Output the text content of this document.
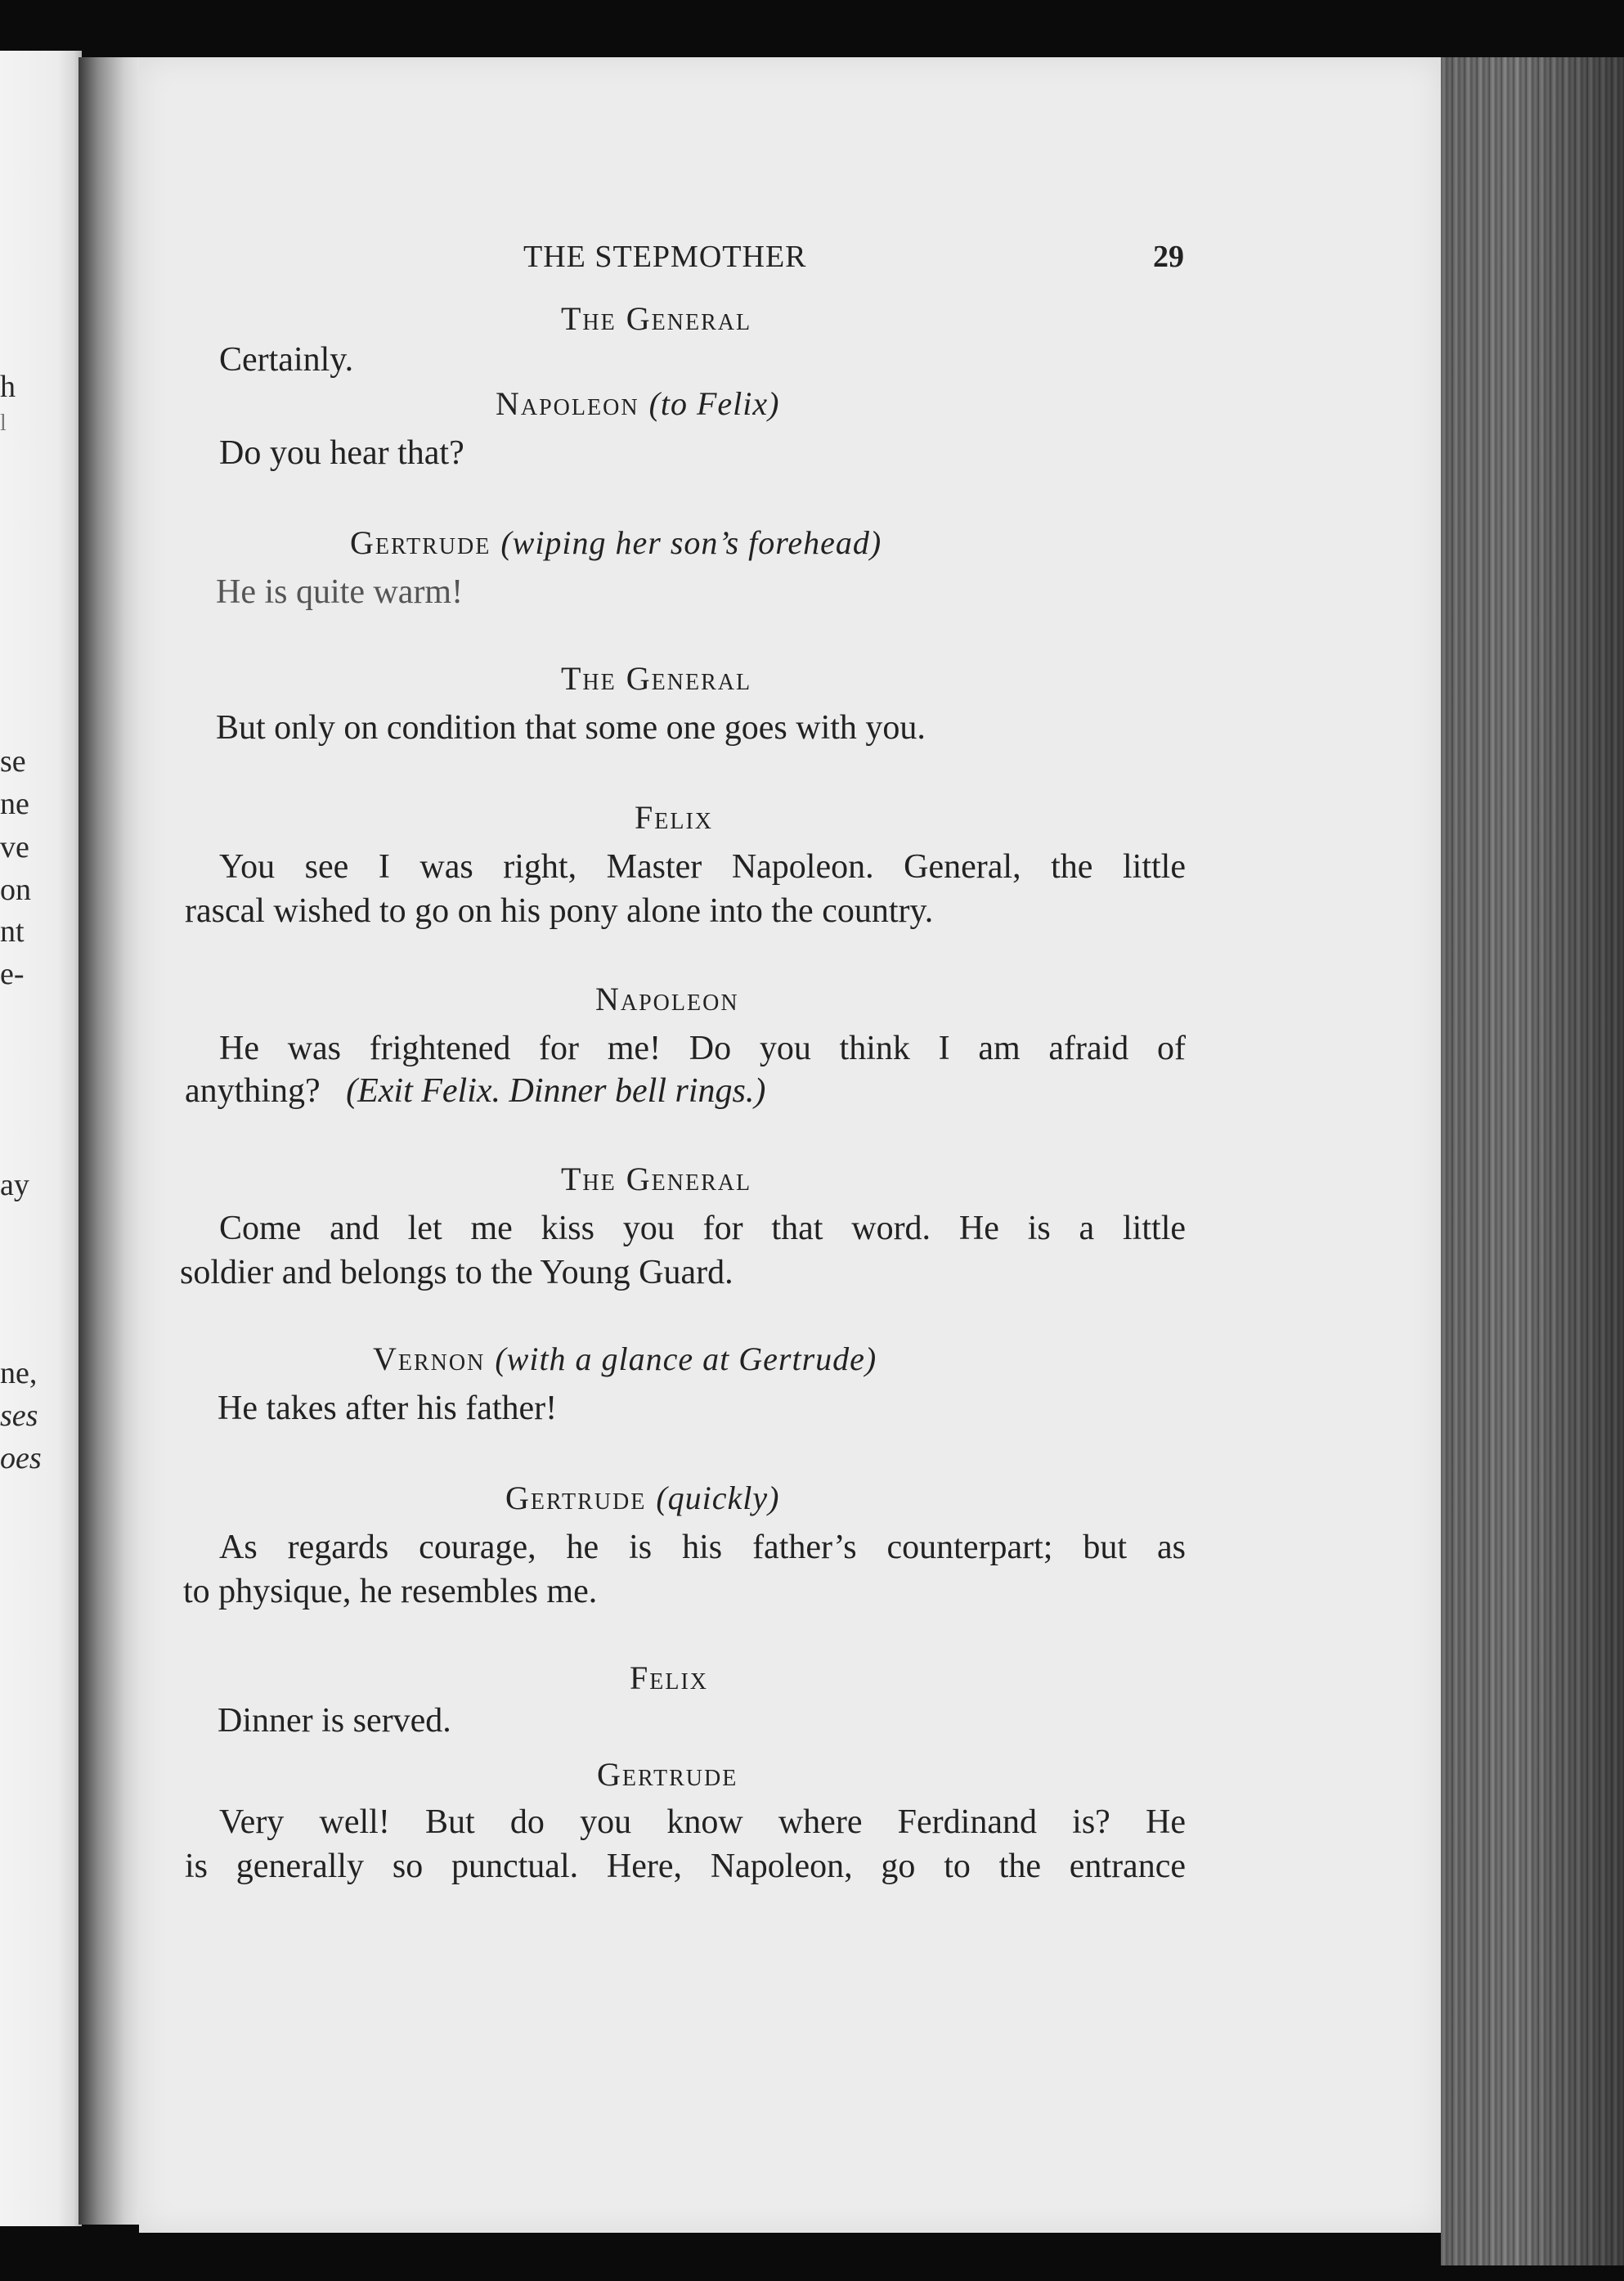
h
l
se
ne
ve
on
nt
e-
ay
ne,
ses
oes
THE STEPMOTHER	29
The General
Certainly.
Napoleon (to Felix)
Do you hear that?
Gertrude (wiping her son’s forehead)
He is quite warm!
The General
But only on condition that some one goes with you.
Felix
You see I was right, Master Napoleon. General, the little
rascal wished to go on his pony alone into the country.
Napoleon
He was frightened for me! Do you think I am afraid of
anything? (Exit Felix. Dinner bell rings.)
The General
Come and let me kiss you for that word. He is a little
soldier and belongs to the Young Guard.
Vernon (with a glance at Gertrude)
He takes after his father!
Gertrude (quickly)
As regards courage, he is his father’s counterpart; but as
to physique, he resembles me.
Felix
Dinner is served.
Gertrude
Very well! But do you know where Ferdinand is? He
is generally so punctual. Here, Napoleon, go to the entrance
